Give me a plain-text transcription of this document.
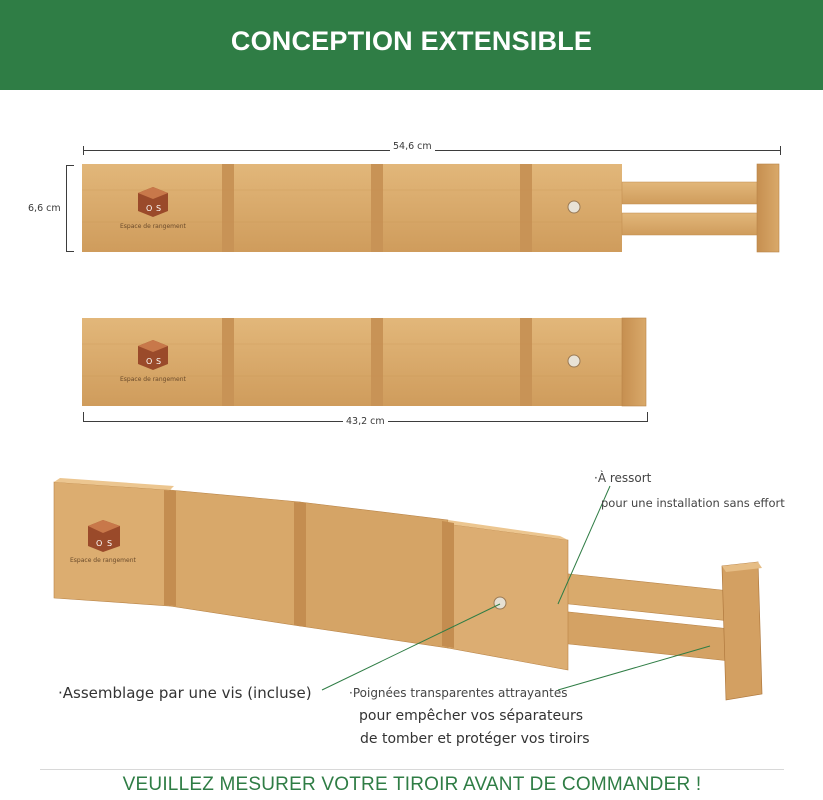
CONCEPTION EXTENSIBLE
54,6 cm
6,6 cm	O S
Espace de rangement
O S
Espace de rangement
43,2 cm
O S
Espace de rangement
·À ressort
pour une installation sans effort
·Assemblage par une vis (incluse)	·Poignées transparentes attrayantes
pour empêcher vos séparateurs
de tomber et protéger vos tiroirs
VEUILLEZ MESURER VOTRE TIROIR AVANT DE COMMANDER !
